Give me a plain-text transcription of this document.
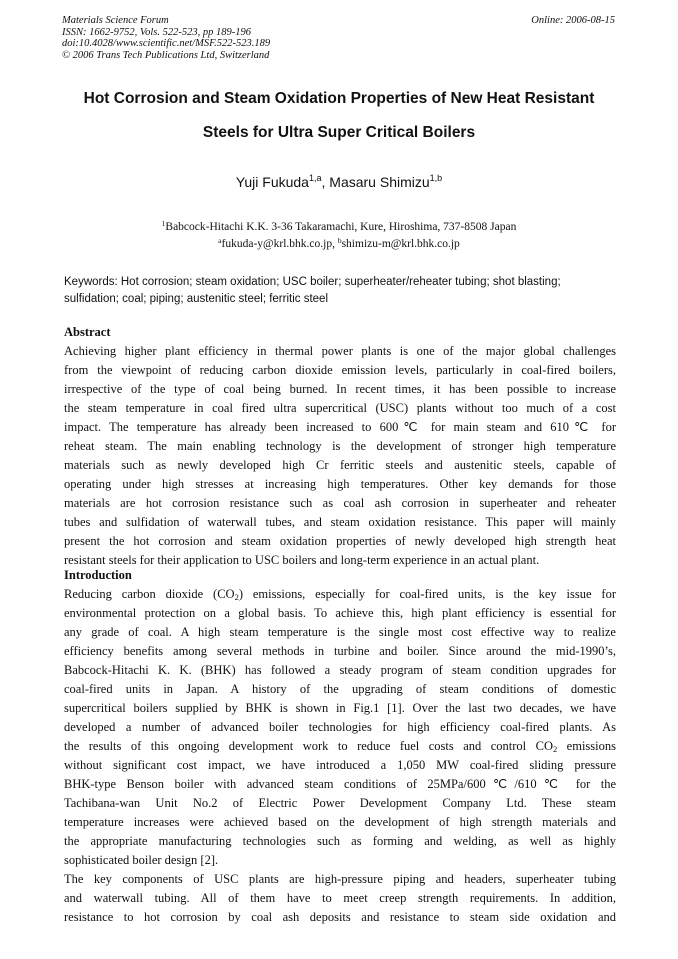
Materials Science Forum
ISSN: 1662-9752, Vols. 522-523, pp 189-196
doi:10.4028/www.scientific.net/MSF.522-523.189
© 2006 Trans Tech Publications Ltd, Switzerland
Online: 2006-08-15
Hot Corrosion and Steam Oxidation Properties of New Heat Resistant
Steels for Ultra Super Critical Boilers
Yuji Fukuda$^{1,a}$, Masaru Shimizu$^{1,b}$
$^1$Babcock-Hitachi K.K. 3-36 Takaramachi, Kure, Hiroshima, 737-8508 Japan
$^a$fukuda-y@krl.bhk.co.jp, $^b$shimizu-m@krl.bhk.co.jp
Keywords: Hot corrosion; steam oxidation; USC boiler; superheater/reheater tubing; shot blasting; sulfidation; coal; piping; austenitic steel; ferritic steel
Abstract
Achieving higher plant efficiency in thermal power plants is one of the major global challenges
from the viewpoint of reducing carbon dioxide emission levels, particularly in coal-fired boilers,
irrespective of the type of coal being burned. In recent times, it has been possible to increase
the steam temperature in coal fired ultra supercritical (USC) plants without too much of a cost
impact. The temperature has already been increased to 600℃ for main steam and 610℃ for
reheat steam. The main enabling technology is the development of stronger high temperature
materials such as newly developed high Cr ferritic steels and austenitic steels, capable of
operating under high stresses at increasing high temperatures. Other key demands for those
materials are hot corrosion resistance such as coal ash corrosion in superheater and reheater
tubes and sulfidation of waterwall tubes, and steam oxidation resistance. This paper will mainly
present the hot corrosion and steam oxidation properties of newly developed high strength heat
resistant steels for their application to USC boilers and long-term experience in an actual plant.
Introduction
Reducing carbon dioxide $(CO_2)$ emissions, especially for coal-fired units, is the key issue for
environmental protection on a global basis. To achieve this, high plant efficiency is essential for
any grade of coal. A high steam temperature is the single most cost effective way to realize
efficiency benefits among several methods in turbine and boiler. Since around the mid-1990’s,
Babcock-Hitachi K. K. (BHK) has followed a steady program of steam condition upgrades for
coal-fired units in Japan. A history of the upgrading of steam conditions of domestic
supercritical boilers supplied by BHK is shown in Fig.1 [1]. Over the last two decades, we have
developed a number of advanced boiler technologies for high efficiency coal-fired plants. As
the results of this ongoing development work to reduce fuel costs and control $CO_2$ emissions
without significant cost impact, we have introduced a 1,050 MW coal-fired sliding pressure
BHK-type Benson boiler with advanced steam conditions of 25MPa/600℃/610℃ for the
Tachibana-wan Unit No.2 of Electric Power Development Company Ltd. These steam
temperature increases were achieved based on the development of high strength materials and
the appropriate manufacturing technologies such as forming and welding, as well as highly
sophisticated boiler design [2].
The key components of USC plants are high-pressure piping and headers, superheater tubing
and waterwall tubing. All of them have to meet creep strength requirements. In addition,
resistance to hot corrosion by coal ash deposits and resistance to steam side oxidation and
